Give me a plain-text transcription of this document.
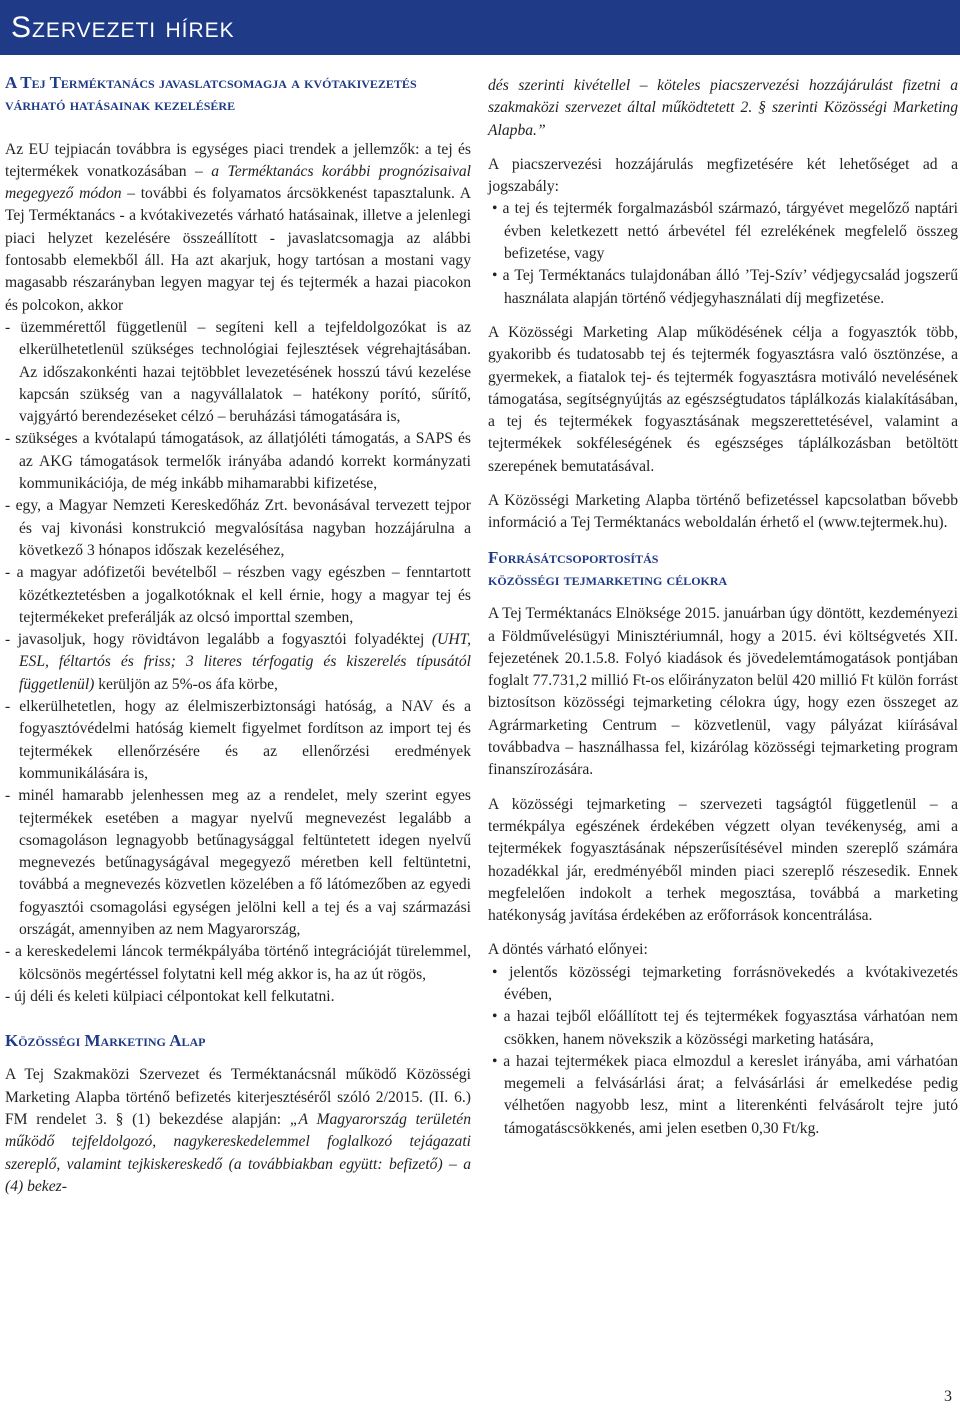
Szervezeti hírek
A Tej Terméktanács javaslatcsomagja a kvótakivezetés várható hatásainak kezelésére

Az EU tejpiacán továbbra is egységes piaci trendek a jellemzők: a tej és tejtermékek vonatkozásában – a Terméktanács korábbi prognózisaival megegyező módon – további és folyamatos árcsökkenést tapasztalunk. A Tej Terméktanács - a kvótakivezetés várható hatásainak, illetve a jelenlegi piaci helyzet kezelésére összeállított - javaslatcsomagja az alábbi fontosabb elemekből áll. Ha azt akarjuk, hogy tartósan a mostani vagy magasabb részarányban legyen magyar tej és tejtermék a hazai piacokon és polcokon, akkor

- üzemmérettől függetlenül – segíteni kell a tejfeldolgozókat is az elkerülhetetlenül szükséges technológiai fejlesztések végrehajtásában. Az időszakonkénti hazai tejtöbblet levezetésének hosszú távú kezelése kapcsán szükség van a nagyvállalatok – hatékony porító, sűrítő, vajgyártó berendezéseket célzó – beruházási támogatására is,

- szükséges a kvótalapú támogatások, az állatjóléti támogatás, a SAPS és az AKG támogatások termelők irányába adandó korrekt kormányzati kommunikációja, de még inkább mihamarabbi kifizetése,

- egy, a Magyar Nemzeti Kereskedőház Zrt. bevonásával tervezett tejpor és vaj kivonási konstrukció megvalósítása nagyban hozzájárulna a következő 3 hónapos időszak kezeléséhez,

- a magyar adófizetői bevételből – részben vagy egészben – fenntartott közétkeztetésben a jogalkotóknak el kell érnie, hogy a magyar tej és tejtermékeket preferálják az olcsó importtal szemben,

- javasoljuk, hogy rövidtávon legalább a fogyasztói folyadéktej (UHT, ESL, féltartós és friss; 3 literes térfogatig és kiszerelés típusától függetlenül) kerüljön az 5%-os áfa körbe,

- elkerülhetetlen, hogy az élelmiszerbiztonsági hatóság, a NAV és a fogyasztóvédelmi hatóság kiemelt figyelmet fordítson az import tej és tejtermékek ellenőrzésére és az ellenőrzési eredmények kommunikálására is,

- minél hamarabb jelenhessen meg az a rendelet, mely szerint egyes tejtermékek esetében a magyar nyelvű megnevezést legalább a csomagoláson legnagyobb betűnagysággal feltüntetett idegen nyelvű megnevezés betűnagyságával megegyező méretben kell feltüntetni, továbbá a megnevezés közvetlen közelében a fő látómezőben az egyedi fogyasztói csomagolási egységen jelölni kell a tej és a vaj származási országát, amennyiben az nem Magyarország,

- a kereskedelemi láncok termékpályába történő integrációját türelemmel, kölcsönös megértéssel folytatni kell még akkor is, ha az út rögös,

- új déli és keleti külpiaci célpontokat kell felkutatni.

Közösségi Marketing Alap

A Tej Szakmaközi Szervezet és Terméktanácsnál működő Közösségi Marketing Alapba történő befizetés kiterjesztéséről szóló 2/2015. (II. 6.) FM rendelet 3. § (1) bekezdése alapján: „A Magyarország területén működő tejfeldolgozó, nagykereskedelemmel foglalkozó tejágazati szereplő, valamint tejkiskereskedő (a továbbiakban együtt: befizető) – a (4) bekez-

dés szerinti kivétellel – köteles piacszervezési hozzájárulást fizetni a szakmaközi szervezet által működtetett 2. § szerinti Közösségi Marketing Alapba.”

A piacszervezési hozzájárulás megfizetésére két lehetőséget ad a jogszabály:

• a tej és tejtermék forgalmazásból származó, tárgyévet megelőző naptári évben keletkezett nettó árbevétel fél ezrelékének megfelelő összeg befizetése, vagy

• a Tej Terméktanács tulajdonában álló ’Tej-Szív’ védjegycsalád jogszerű használata alapján történő védjegyhasználati díj megfizetése.

A Közösségi Marketing Alap működésének célja a fogyasztók több, gyakoribb és tudatosabb tej és tejtermék fogyasztásra való ösztönzése, a gyermekek, a fiatalok tej- és tejtermék fogyasztásra motiváló nevelésének támogatása, segítségnyújtás az egészségtudatos táplálkozás kialakításában, a tej és tejtermékek fogyasztásának megszerettetésével, valamint a tejtermékek sokféleségének és egészséges táplálkozásban betöltött szerepének bemutatásával.

A Közösségi Marketing Alapba történő befizetéssel kapcsolatban bővebb információ a Tej Terméktanács weboldalán érhető el (www.tejtermek.hu).

Forrásátcsoportosítás
közösségi tejmarketing célokra

A Tej Terméktanács Elnöksége 2015. januárban úgy döntött, kezdeményezi a Földművelésügyi Minisztériumnál, hogy a 2015. évi költségvetés XII. fejezetének 20.1.5.8. Folyó kiadások és jövedelemtámogatások pontjában foglalt 77.731,2 millió Ft-os előirányzaton belül 420 millió Ft külön forrást biztosítson közösségi tejmarketing célokra úgy, hogy ezen összeget az Agrármarketing Centrum – közvetlenül, vagy pályázat kiírásával továbbadva – használhassa fel, kizárólag közösségi tejmarketing program finanszírozására.

A közösségi tejmarketing – szervezeti tagságtól függetlenül – a termékpálya egészének érdekében végzett olyan tevékenység, ami a tejtermékek fogyasztásának népszerűsítésével minden szereplő számára hozadékkal jár, eredményéből minden piaci szereplő részesedik. Ennek megfelelően indokolt a terhek megosztása, továbbá a marketing hatékonyság javítása érdekében az erőforrások koncentrálása.

A döntés várható előnyei:

• jelentős közösségi tejmarketing forrásnövekedés a kvótakivezetés évében,

• a hazai tejből előállított tej és tejtermékek fogyasztása várhatóan nem csökken, hanem növekszik a közösségi marketing hatására,

• a hazai tejtermékek piaca elmozdul a kereslet irányába, ami várhatóan megemeli a felvásárlási árat; a felvásárlási ár emelkedése pedig vélhetően nagyobb lesz, mint a literenkénti felvásárolt tejre jutó támogatáscsökkenés, ami jelen esetben 0,30 Ft/kg.

3
